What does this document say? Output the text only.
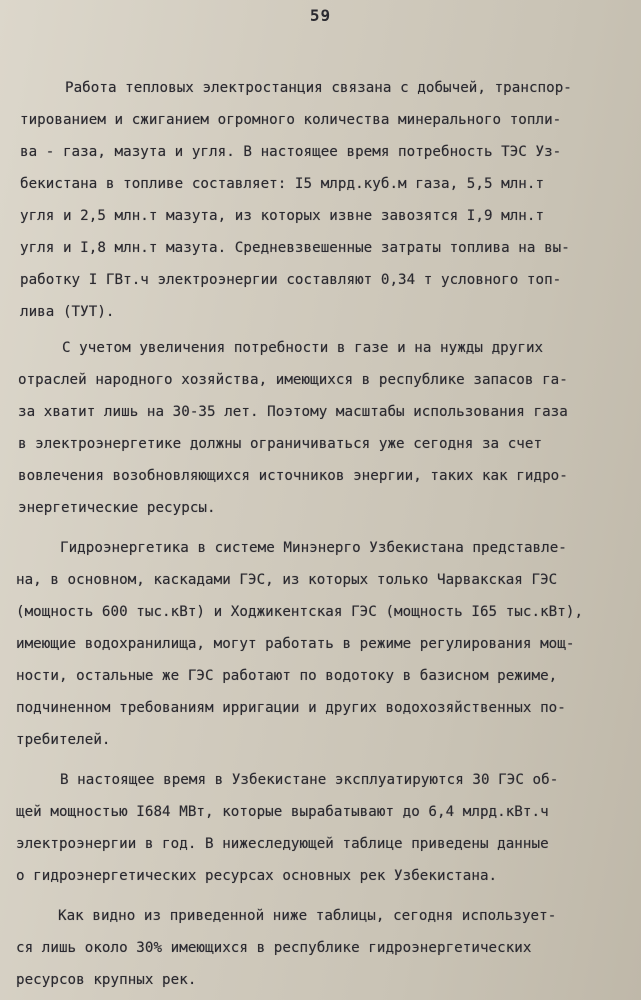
59
Работа тепловых электростанция связана с добычей, транспор-
тированием и сжиганием огромного количества минерального топли-
ва - газа, мазута и угля. В настоящее время потребность ТЭС Уз-
бекистана в топливе составляет: I5 млрд.куб.м газа, 5,5 млн.т
угля и 2,5 млн.т мазута, из которых извне завозятся I,9 млн.т
угля и I,8 млн.т мазута. Средневзвешенные затраты топлива на вы-
работку I ГВт.ч электроэнергии составляют 0,34 т условного топ-
лива (ТУТ).
С учетом увеличения потребности в газе и на нужды других
отраслей народного хозяйства, имеющихся в республике запасов га-
за хватит лишь на 30-35 лет. Поэтому масштабы использования газа
в электроэнергетике должны ограничиваться уже сегодня за счет
вовлечения возобновляющихся источников энергии, таких как гидро-
энергетические ресурсы.
Гидроэнергетика в системе Минэнерго Узбекистана представле-
на, в основном, каскадами ГЭС, из которых только Чарвакская ГЭС
(мощность 600 тыс.кВт) и Ходжикентская ГЭС (мощность I65 тыс.кВт),
имеющие водохранилища, могут работать в режиме регулирования мощ-
ности, остальные же ГЭС работают по водотоку в базисном режиме,
подчиненном требованиям ирригации и других водохозяйственных по-
требителей.
В настоящее время в Узбекистане эксплуатируются 30 ГЭС об-
щей мощностью I684 МВт, которые вырабатывают до 6,4 млрд.кВт.ч
электроэнергии в год. В нижеследующей таблице приведены данные
о гидроэнергетических ресурсах основных рек Узбекистана.
Как видно из приведенной ниже таблицы, сегодня использует-
ся лишь около 30% имеющихся в республике гидроэнергетических
ресурсов крупных рек.
